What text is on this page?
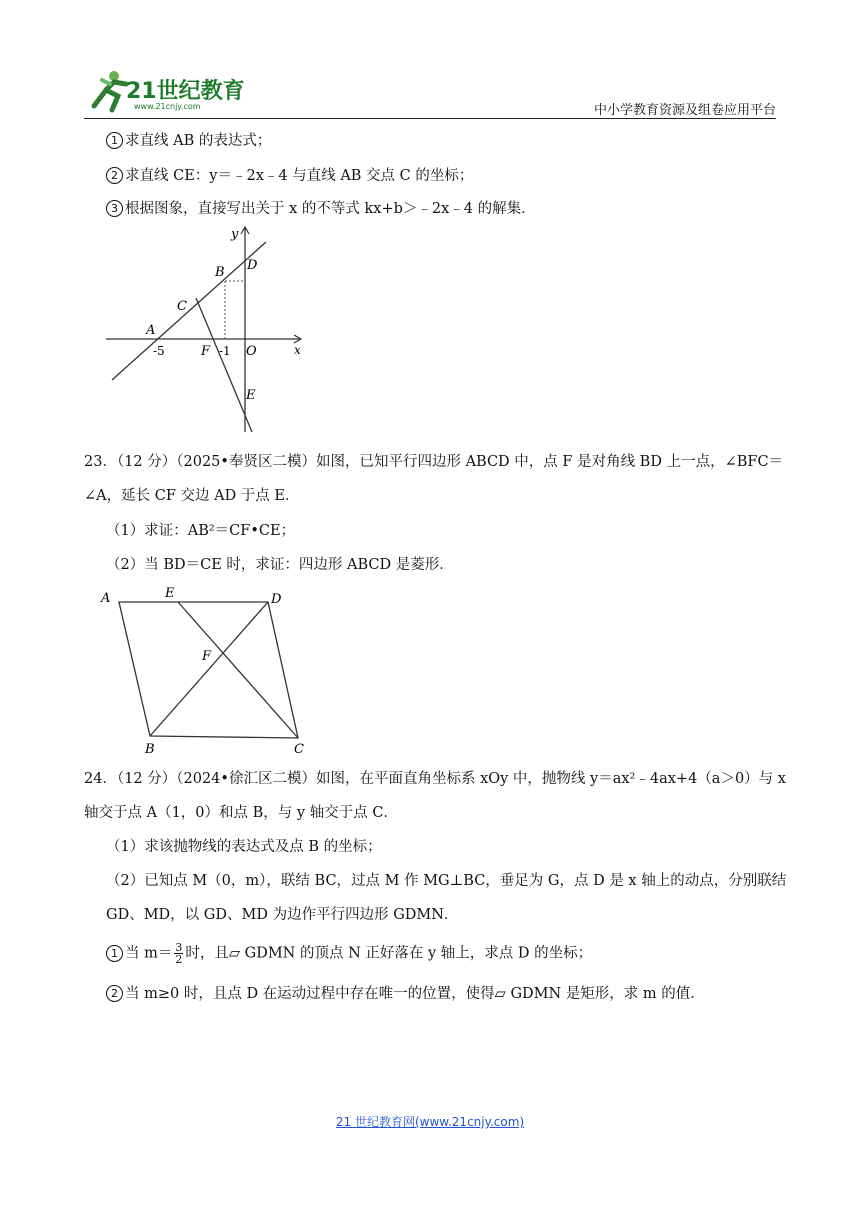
21世纪教育
www.21cnjy.com	中小学教育资源及组卷应用平台
1 求直线 AB 的表达式；
2 求直线 CE：y＝﹣2x﹣4 与直线 AB 交点 C 的坐标；
3 根据图象，直接写出关于 x 的不等式 kx+b＞﹣2x﹣4 的解集．
y
x
D
B
C
A
-5	F -1 O
E
23．（12 分）（2025•奉贤区二模）如图，已知平行四边形 ABCD 中，点 F 是对角线 BD 上一点，∠BFC＝
∠A，延长 CF 交边 AD 于点 E．
（1）求证：AB²＝CF•CE；
（2）当 BD＝CE 时，求证：四边形 ABCD 是菱形．
A	E	D
F
B	C
24．（12 分）（2024•徐汇区二模）如图，在平面直角坐标系 xOy 中，抛物线 y＝ax²﹣4ax+4（a＞0）与 x
轴交于点 A（1，0）和点 B，与 y 轴交于点 C．
（1）求该抛物线的表达式及点 B 的坐标；
（2）已知点 M（0，m），联结 BC，过点 M 作 MG⊥BC，垂足为 G，点 D 是 x 轴上的动点，分别联结
GD、MD，以 GD、MD 为边作平行四边形 GDMN．
1 当 $m= \frac{3}{2}$ 时，且▱ GDMN 的顶点 N 正好落在 y 轴上，求点 D 的坐标；
2 当 m≥0 时，且点 D 在运动过程中存在唯一的位置，使得▱ GDMN 是矩形，求 m 的值．
21 世纪教育网(www.21cnjy.com)
